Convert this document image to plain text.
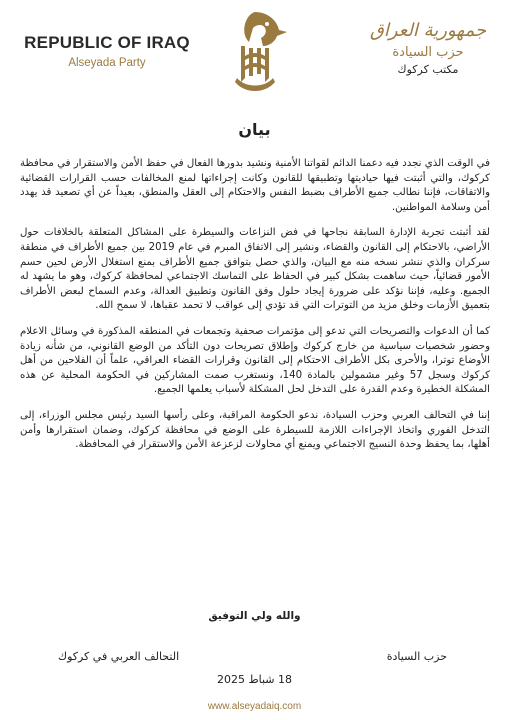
REPUBLIC OF IRAQ
Alseyada Party
جمهورية العراق
حزب السيادة
مكتب كركوك
بيان

في الوقت الذي نجدد فيه دعمنا الدائم لقواتنا الأمنية ونشيد بدورها الفعال في حفظ الأمن والاستقرار في محافظة كركوك، والتي أثبتت فيها حياديتها وتطبيقها للقانون وكانت إجراءاتها لمنع المخالفات حسب القرارات القضائية والاتفاقات، فإننا نطالب جميع الأطراف بضبط النفس والاحتكام إلى العقل والمنطق، بعيداً عن أي تصعيد قد يهدد أمن وسلامة المواطنين.

لقد أثبتت تجربة الإدارة السابقة نجاحها في فض النزاعات والسيطرة على المشاكل المتعلقة بالخلافات حول الأراضي، بالاحتكام إلى القانون والقضاء، ونشير إلى الاتفاق المبرم في عام 2019 بين جميع الأطراف في منطقة سركران والذي ننشر نسخه منه مع البيان، والذي حصل بتوافق جميع الأطراف بمنع استغلال الأرض لحين حسم الأمور قضائياً، حيث ساهمت بشكل كبير في الحفاظ على التماسك الاجتماعي لمحافظة كركوك، وهو ما يشهد له الجميع. وعليه، فإننا نؤكد على ضرورة إيجاد حلول وفق القانون وتطبيق العدالة، وعدم السماح لبعض الأطراف بتعميق الأزمات وخلق مزيد من التوترات التي قد تؤدي إلى عواقب لا تحمد عقباها، لا سمح الله.

كما أن الدعوات والتصريحات التي تدعو إلى مؤتمرات صحفية وتجمعات في المنطقه المذكورة في وسائل الاعلام وحضور شخصيات سياسية من خارج كركوك وإطلاق تصريحات دون التأكد من الوضع القانوني، من شأنه زيادة الأوضاع توترا، والأحرى بكل الأطراف الاحتكام إلى القانون وقرارات القضاء العراقي، علماً أن الفلاحين من أهل كركوك وسجل 57 وغير مشمولين بالمادة 140، ونستغرب صمت المشاركين في الحكومة المحلية عن هذه المشكلة الخطيرة وعدم القدرة على التدخل لحل المشكلة لأسباب يعلمها الجميع.

إننا في التحالف العربي وحزب السيادة، ندعو الحكومة المراقبة، وعلى رأسها السيد رئيس مجلس الوزراء، إلى التدخل الفوري واتخاذ الإجراءات اللازمة للسيطرة على الوضع في محافظة كركوك، وضمان استقرارها وأمن أهلها، بما يحفظ وحدة النسيج الاجتماعي ويمنع أي محاولات لزعزعة الأمن والاستقرار في المحافظة.

والله ولي التوفيق
حزب السيادة
التحالف العربي في كركوك
18 شباط 2025
www.alseyadaiq.com
